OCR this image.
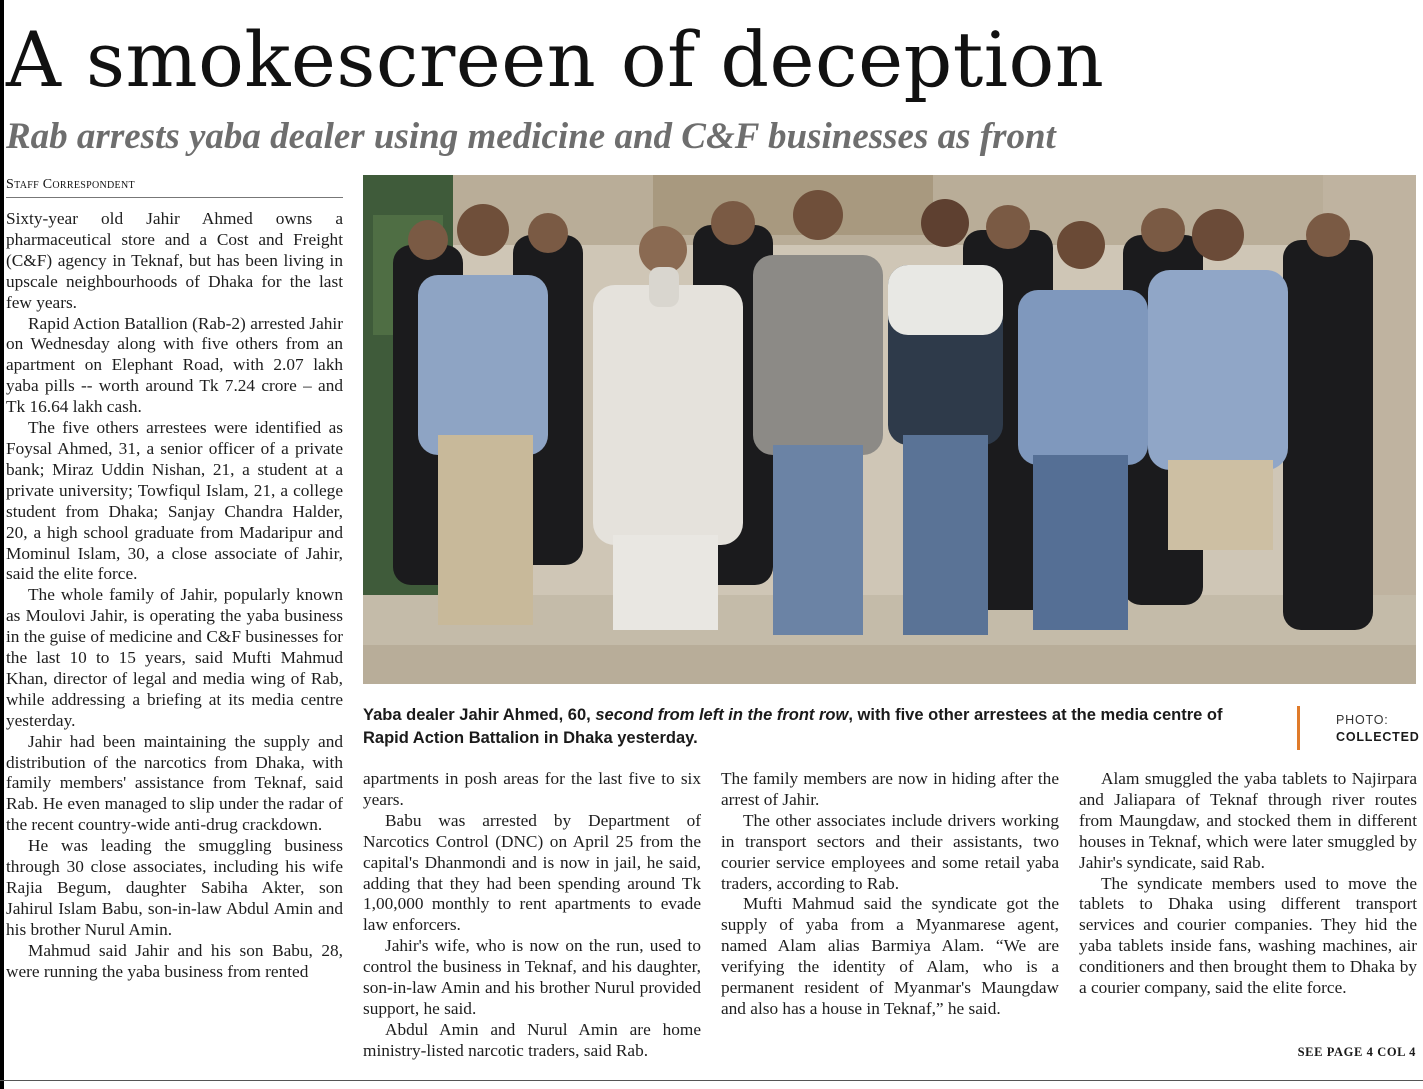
A smokescreen of deception
Rab arrests yaba dealer using medicine and C&F businesses as front
Staff Correspondent

Sixty-year old Jahir Ahmed owns a pharmaceutical store and a Cost and Freight (C&F) agency in Teknaf, but has been living in upscale neighbourhoods of Dhaka for the last few years.

Rapid Action Batallion (Rab-2) arrested Jahir on Wednesday along with five others from an apartment on Elephant Road, with 2.07 lakh yaba pills -- worth around Tk 7.24 crore – and Tk 16.64 lakh cash.

The five others arrestees were identified as Foysal Ahmed, 31, a senior officer of a private bank; Miraz Uddin Nishan, 21, a student at a private university; Towfiqul Islam, 21, a college student from Dhaka; Sanjay Chandra Halder, 20, a high school graduate from Madaripur and Mominul Islam, 30, a close associate of Jahir, said the elite force.

The whole family of Jahir, popularly known as Moulovi Jahir, is operating the yaba business in the guise of medicine and C&F businesses for the last 10 to 15 years, said Mufti Mahmud Khan, director of legal and media wing of Rab, while addressing a briefing at its media centre yesterday.

Jahir had been maintaining the supply and distribution of the narcotics from Dhaka, with family members' assistance from Teknaf, said Rab. He even managed to slip under the radar of the recent country-wide anti-drug crackdown.

He was leading the smuggling business through 30 close associates, including his wife Rajia Begum, daughter Sabiha Akter, son Jahirul Islam Babu, son-in-law Abdul Amin and his brother Nurul Amin.

Mahmud said Jahir and his son Babu, 28, were running the yaba business from rented

Yaba dealer Jahir Ahmed, 60, second from left in the front row, with five other arrestees at the media centre of Rapid Action Battalion in Dhaka yesterday.
PHOTO:
COLLECTED

apartments in posh areas for the last five to six years.

Babu was arrested by Department of Narcotics Control (DNC) on April 25 from the capital's Dhanmondi and is now in jail, he said, adding that they had been spending around Tk 1,00,000 monthly to rent apartments to evade law enforcers.

Jahir's wife, who is now on the run, used to control the business in Teknaf, and his daughter, son-in-law Amin and his brother Nurul provided support, he said.

Abdul Amin and Nurul Amin are home ministry-listed narcotic traders, said Rab.

The family members are now in hiding after the arrest of Jahir.

The other associates include drivers working in transport sectors and their assistants, two courier service employees and some retail yaba traders, according to Rab.

Mufti Mahmud said the syndicate got the supply of yaba from a Myanmarese agent, named Alam alias Barmiya Alam. “We are verifying the identity of Alam, who is a permanent resident of Myanmar's Maungdaw and also has a house in Teknaf,” he said.

Alam smuggled the yaba tablets to Najirpara and Jaliapara of Teknaf through river routes from Maungdaw, and stocked them in different houses in Teknaf, which were later smuggled by Jahir's syndicate, said Rab.

The syndicate members used to move the tablets to Dhaka using different transport services and courier companies. They hid the yaba tablets inside fans, washing machines, air conditioners and then brought them to Dhaka by a courier company, said the elite force.

SEE PAGE 4 COL 4
